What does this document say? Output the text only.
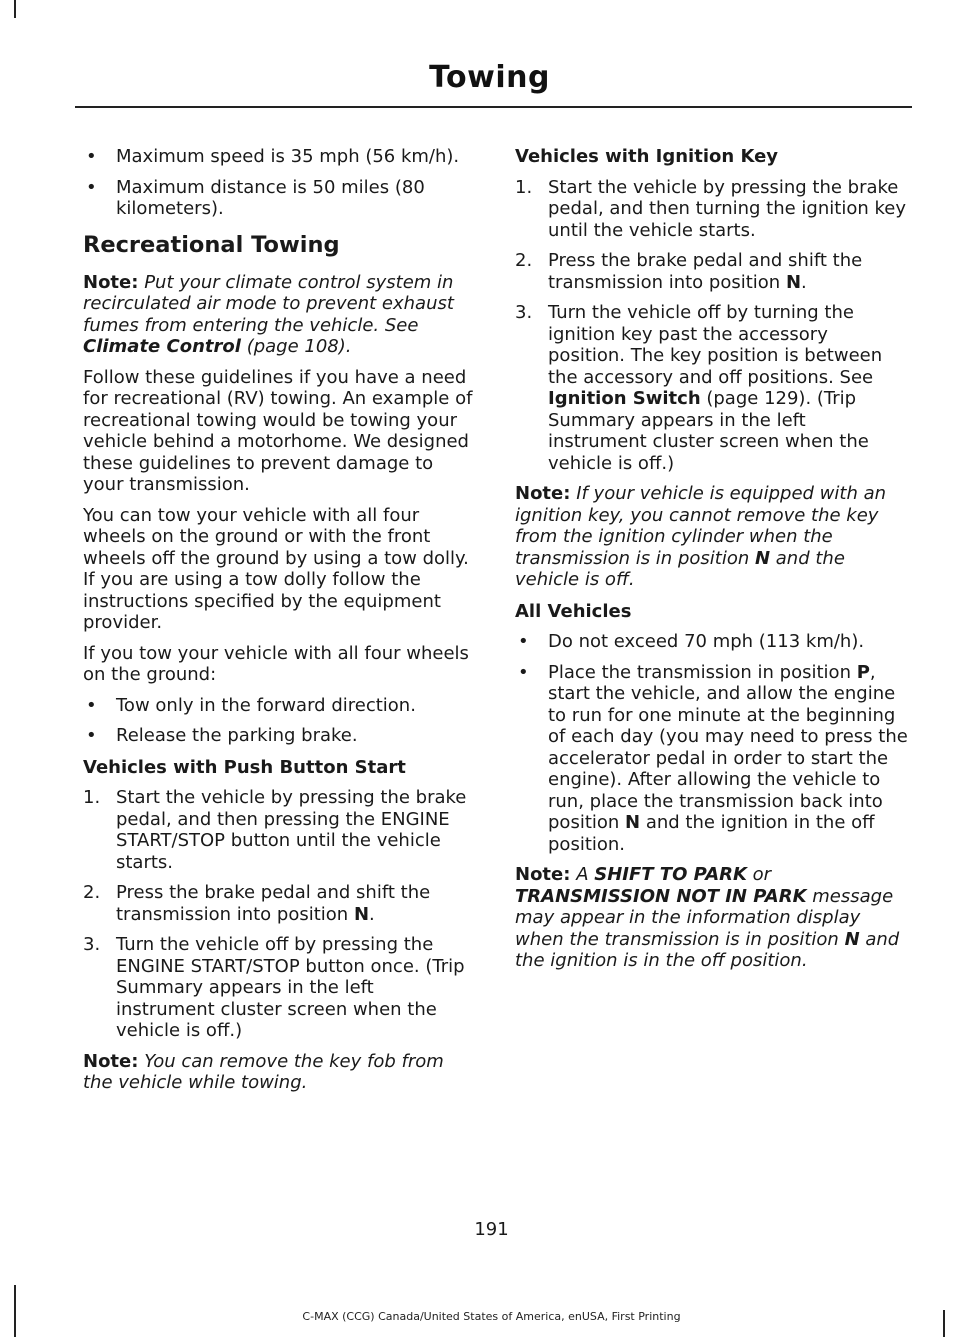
Towing
•	Maximum speed is 35 mph (56 km/h).
•	Maximum distance is 50 miles (80 kilometers).
Recreational Towing

Note: Put your climate control system in recirculated air mode to prevent exhaust fumes from entering the vehicle. See Climate Control (page 108).

Follow these guidelines if you have a need for recreational (RV) towing. An example of recreational towing would be towing your vehicle behind a motorhome. We designed these guidelines to prevent damage to your transmission.

You can tow your vehicle with all four wheels on the ground or with the front wheels off the ground by using a tow dolly. If you are using a tow dolly follow the instructions specified by the equipment provider.

If you tow your vehicle with all four wheels on the ground:

•	Tow only in the forward direction.
•	Release the parking brake.
Vehicles with Push Button Start
1. Start the vehicle by pressing the brake pedal, and then pressing the ENGINE START/STOP button until the vehicle starts.
2. Press the brake pedal and shift the transmission into position N.
3. Turn the vehicle off by pressing the ENGINE START/STOP button once. (Trip Summary appears in the left instrument cluster screen when the vehicle is off.)

Note: You can remove the key fob from the vehicle while towing.

Vehicles with Ignition Key
1. Start the vehicle by pressing the brake pedal, and then turning the ignition key until the vehicle starts.
2. Press the brake pedal and shift the transmission into position N.
3. Turn the vehicle off by turning the ignition key past the accessory position. The key position is between the accessory and off positions. See Ignition Switch (page 129). (Trip Summary appears in the left instrument cluster screen when the vehicle is off.)

Note: If your vehicle is equipped with an ignition key, you cannot remove the key from the ignition cylinder when the transmission is in position N and the vehicle is off.

All Vehicles
•	Do not exceed 70 mph (113 km/h).
•	Place the transmission in position P, start the vehicle, and allow the engine to run for one minute at the beginning of each day (you may need to press the accelerator pedal in order to start the engine). After allowing the vehicle to run, place the transmission back into position N and the ignition in the off position.

Note: A SHIFT TO PARK or TRANSMISSION NOT IN PARK message may appear in the information display when the transmission is in position N and the ignition is in the off position.

191
C-MAX (CCG) Canada/United States of America, enUSA, First Printing
